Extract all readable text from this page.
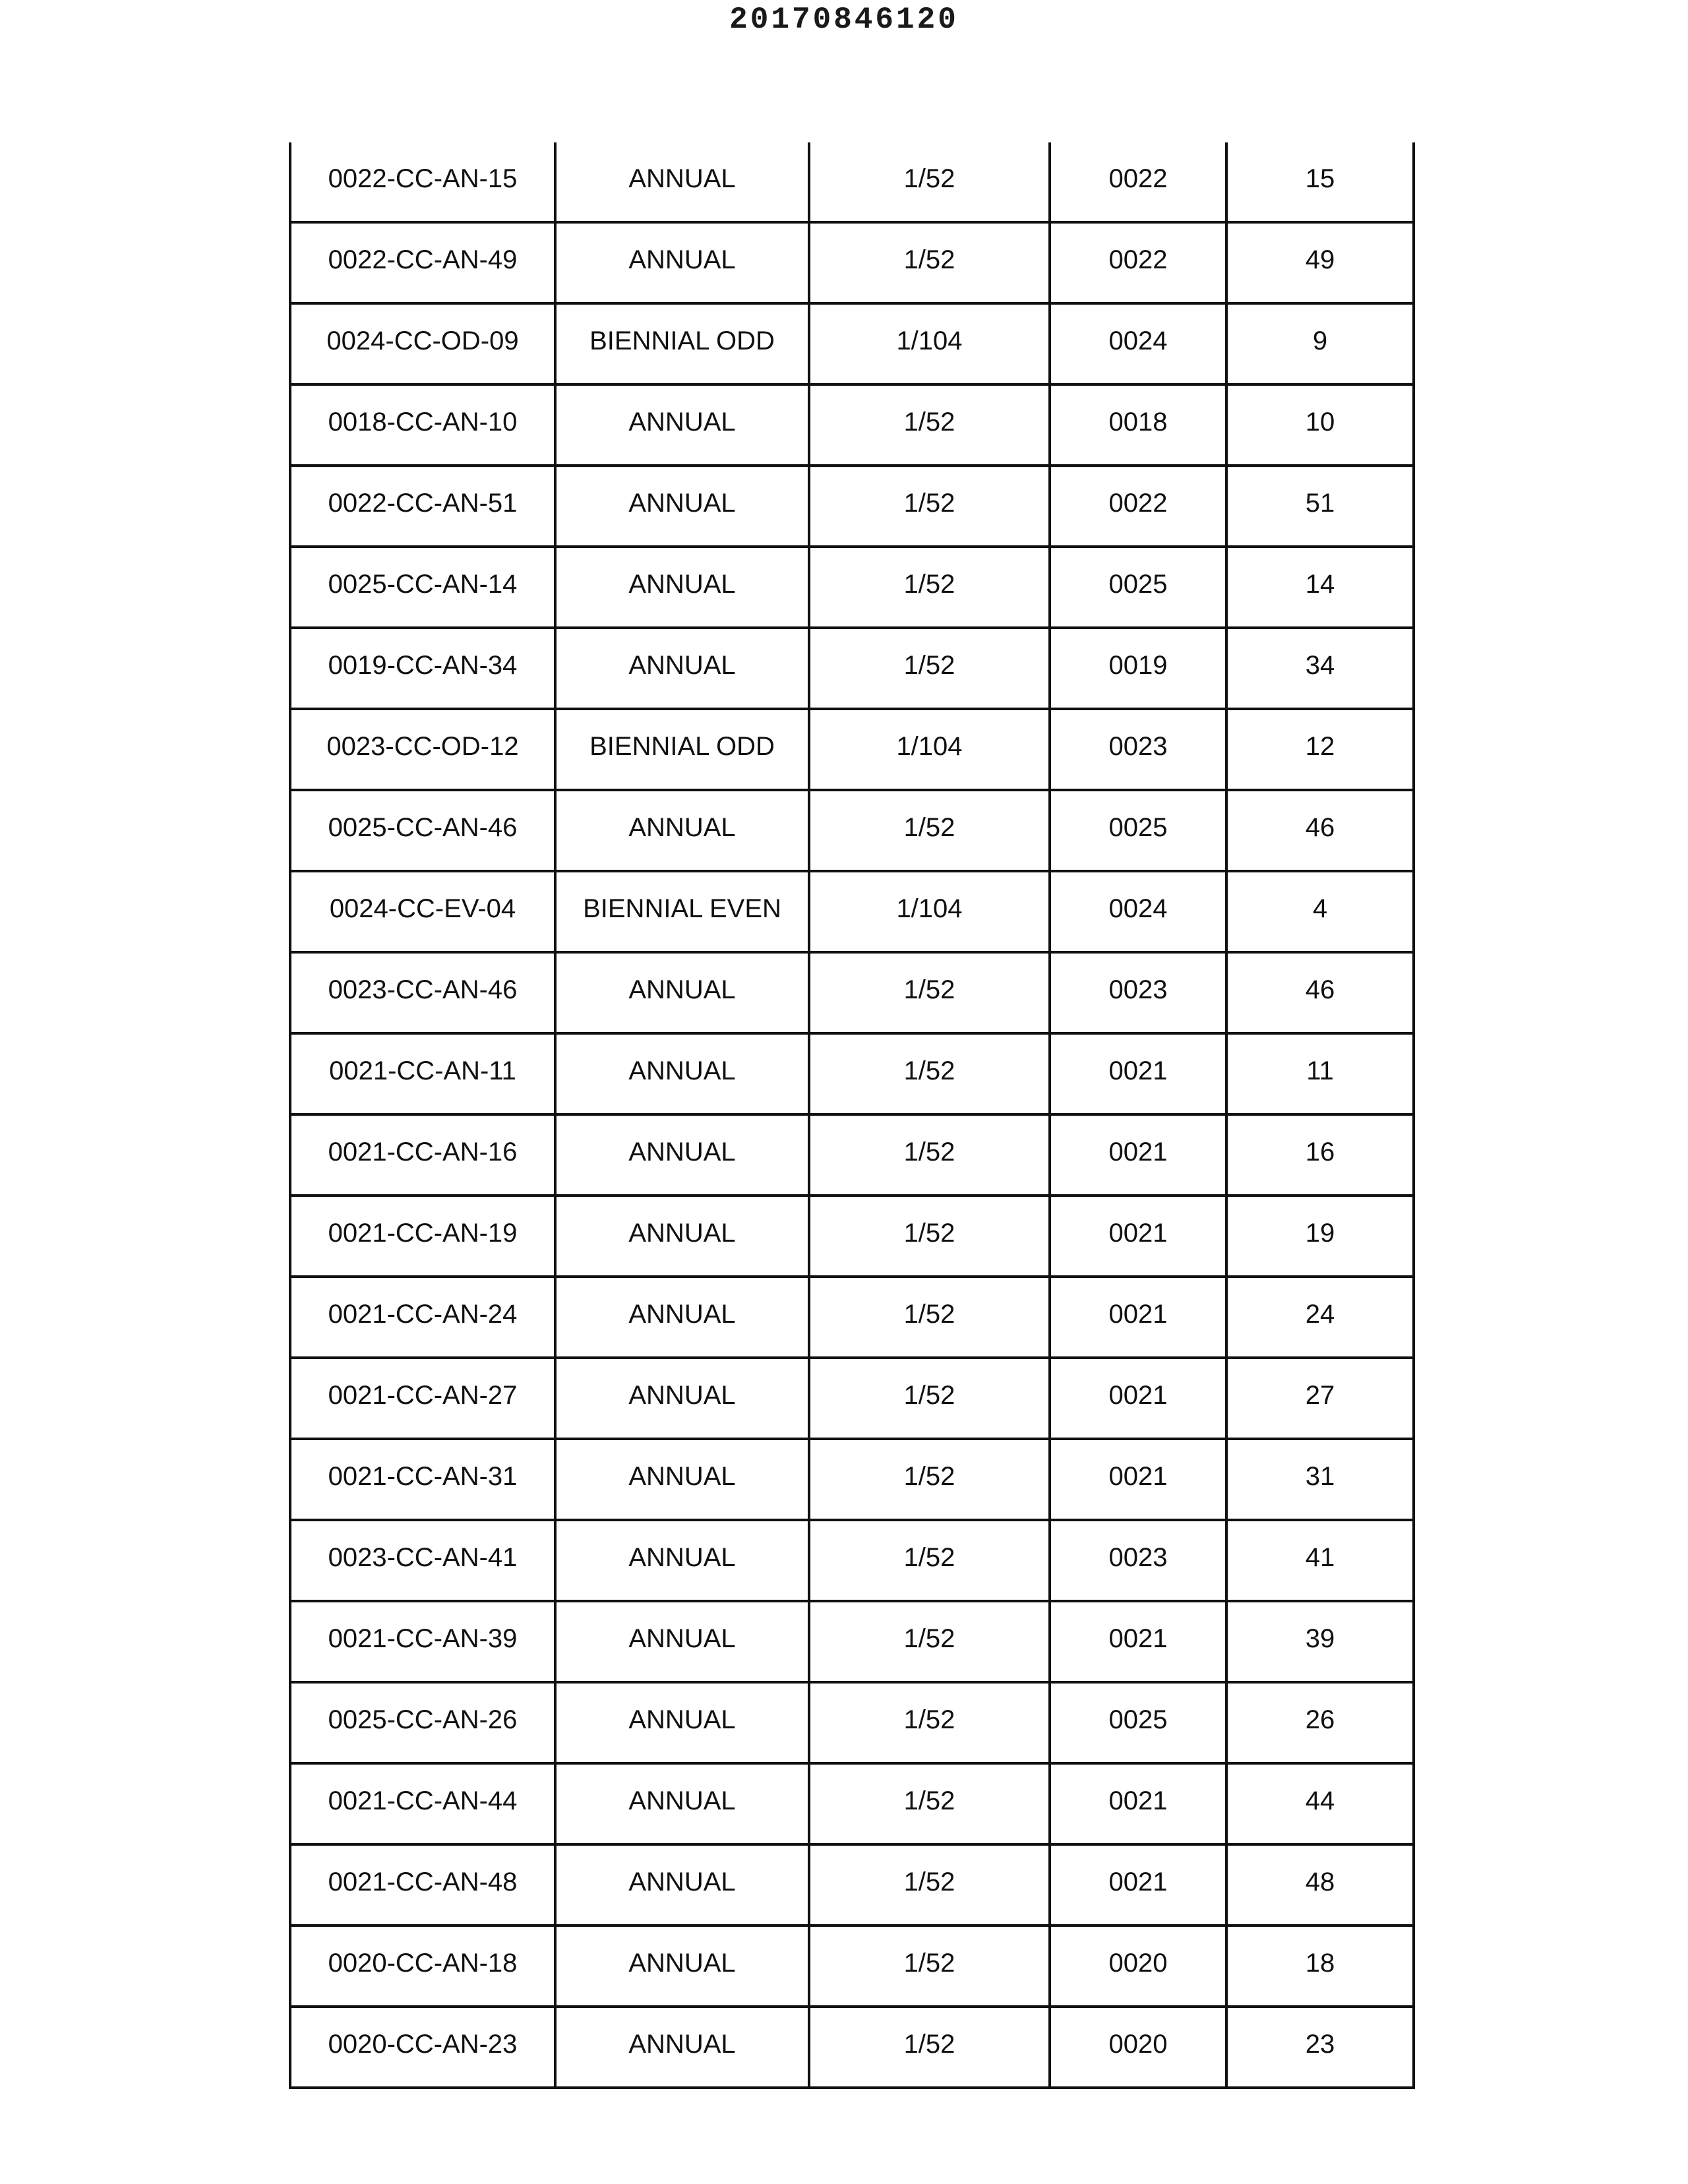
20170846120
0022-CC-AN-15	ANNUAL	1/52	0022	15
0022-CC-AN-49	ANNUAL	1/52	0022	49
0024-CC-OD-09	BIENNIAL ODD	1/104	0024	9
0018-CC-AN-10	ANNUAL	1/52	0018	10
0022-CC-AN-51	ANNUAL	1/52	0022	51
0025-CC-AN-14	ANNUAL	1/52	0025	14
0019-CC-AN-34	ANNUAL	1/52	0019	34
0023-CC-OD-12	BIENNIAL ODD	1/104	0023	12
0025-CC-AN-46	ANNUAL	1/52	0025	46
0024-CC-EV-04	BIENNIAL EVEN	1/104	0024	4
0023-CC-AN-46	ANNUAL	1/52	0023	46
0021-CC-AN-11	ANNUAL	1/52	0021	11
0021-CC-AN-16	ANNUAL	1/52	0021	16
0021-CC-AN-19	ANNUAL	1/52	0021	19
0021-CC-AN-24	ANNUAL	1/52	0021	24
0021-CC-AN-27	ANNUAL	1/52	0021	27
0021-CC-AN-31	ANNUAL	1/52	0021	31
0023-CC-AN-41	ANNUAL	1/52	0023	41
0021-CC-AN-39	ANNUAL	1/52	0021	39
0025-CC-AN-26	ANNUAL	1/52	0025	26
0021-CC-AN-44	ANNUAL	1/52	0021	44
0021-CC-AN-48	ANNUAL	1/52	0021	48
0020-CC-AN-18	ANNUAL	1/52	0020	18
0020-CC-AN-23	ANNUAL	1/52	0020	23
